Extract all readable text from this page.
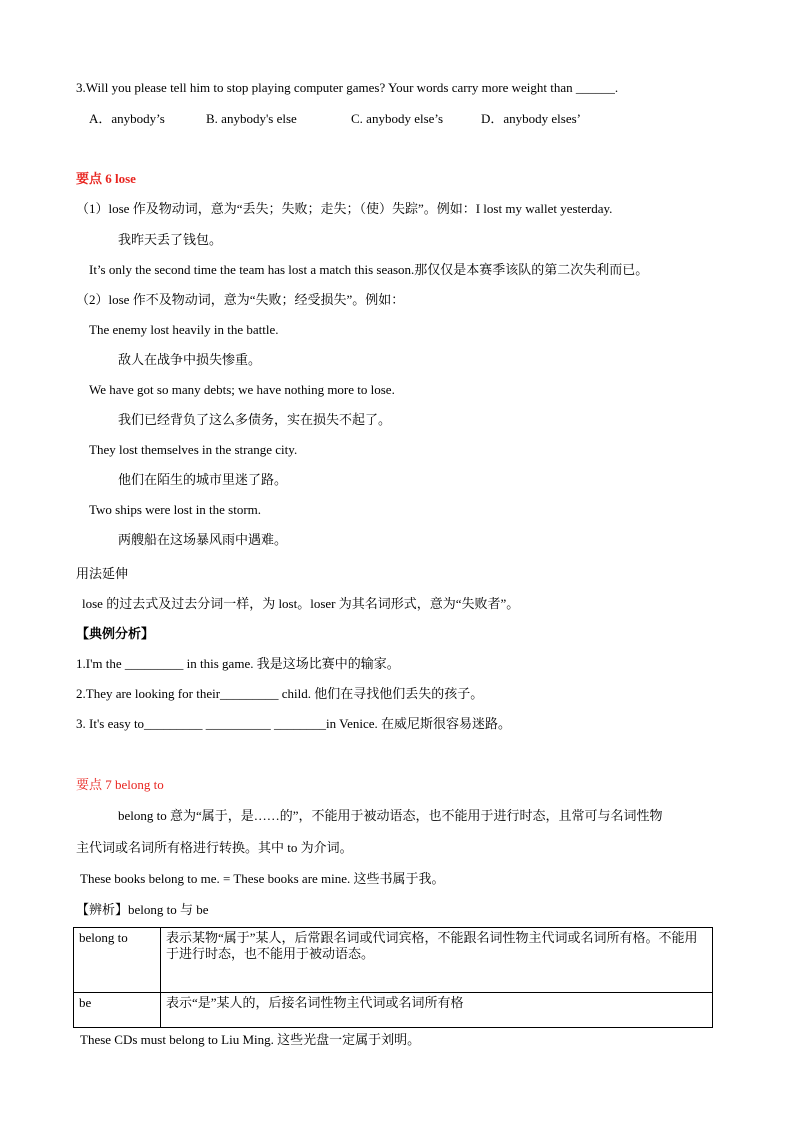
3.Will you please tell him to stop playing computer games? Your words carry more weight than ______.
A．anybody’s	B. anybody's else	C. anybody else’s	D．anybody elses’
要点 6 lose
（1）lose 作及物动词，意为“丢失；失败；走失；（使）失踪”。例如：I lost my wallet yesterday.
我昨天丢了钱包。
It’s only the second time the team has lost a match this season.那仅仅是本赛季该队的第二次失利而已。
（2）lose 作不及物动词，意为“失败；经受损失”。例如：
The enemy lost heavily in the battle.
敌人在战争中损失惨重。
We have got so many debts; we have nothing more to lose.
我们已经背负了这么多债务，实在损失不起了。
They lost themselves in the strange city.
他们在陌生的城市里迷了路。
Two ships were lost in the storm.
两艘船在这场暴风雨中遇难。
用法延伸
lose 的过去式及过去分词一样，为 lost。loser 为其名词形式，意为“失败者”。
【典例分析】
1.I'm the _________ in this game. 我是这场比赛中的输家。
2.They are looking for their_________ child. 他们在寻找他们丢失的孩子。
3. It's easy to_________ __________ ________in Venice. 在威尼斯很容易迷路。
要点 7 belong to
belong to 意为“属于，是……的”，不能用于被动语态，也不能用于进行时态，且常可与名词性物
主代词或名词所有格进行转换。其中 to 为介词。
These books belong to me. = These books are mine. 这些书属于我。
【辨析】belong to 与 be
belong to	表示某物“属于”某人，后常跟名词或代词宾格，不能跟名词性物主代词或名词所有格。不能用于进行时态，也不能用于被动语态。
be	表示“是”某人的，后接名词性物主代词或名词所有格
These CDs must belong to Liu Ming. 这些光盘一定属于刘明。
